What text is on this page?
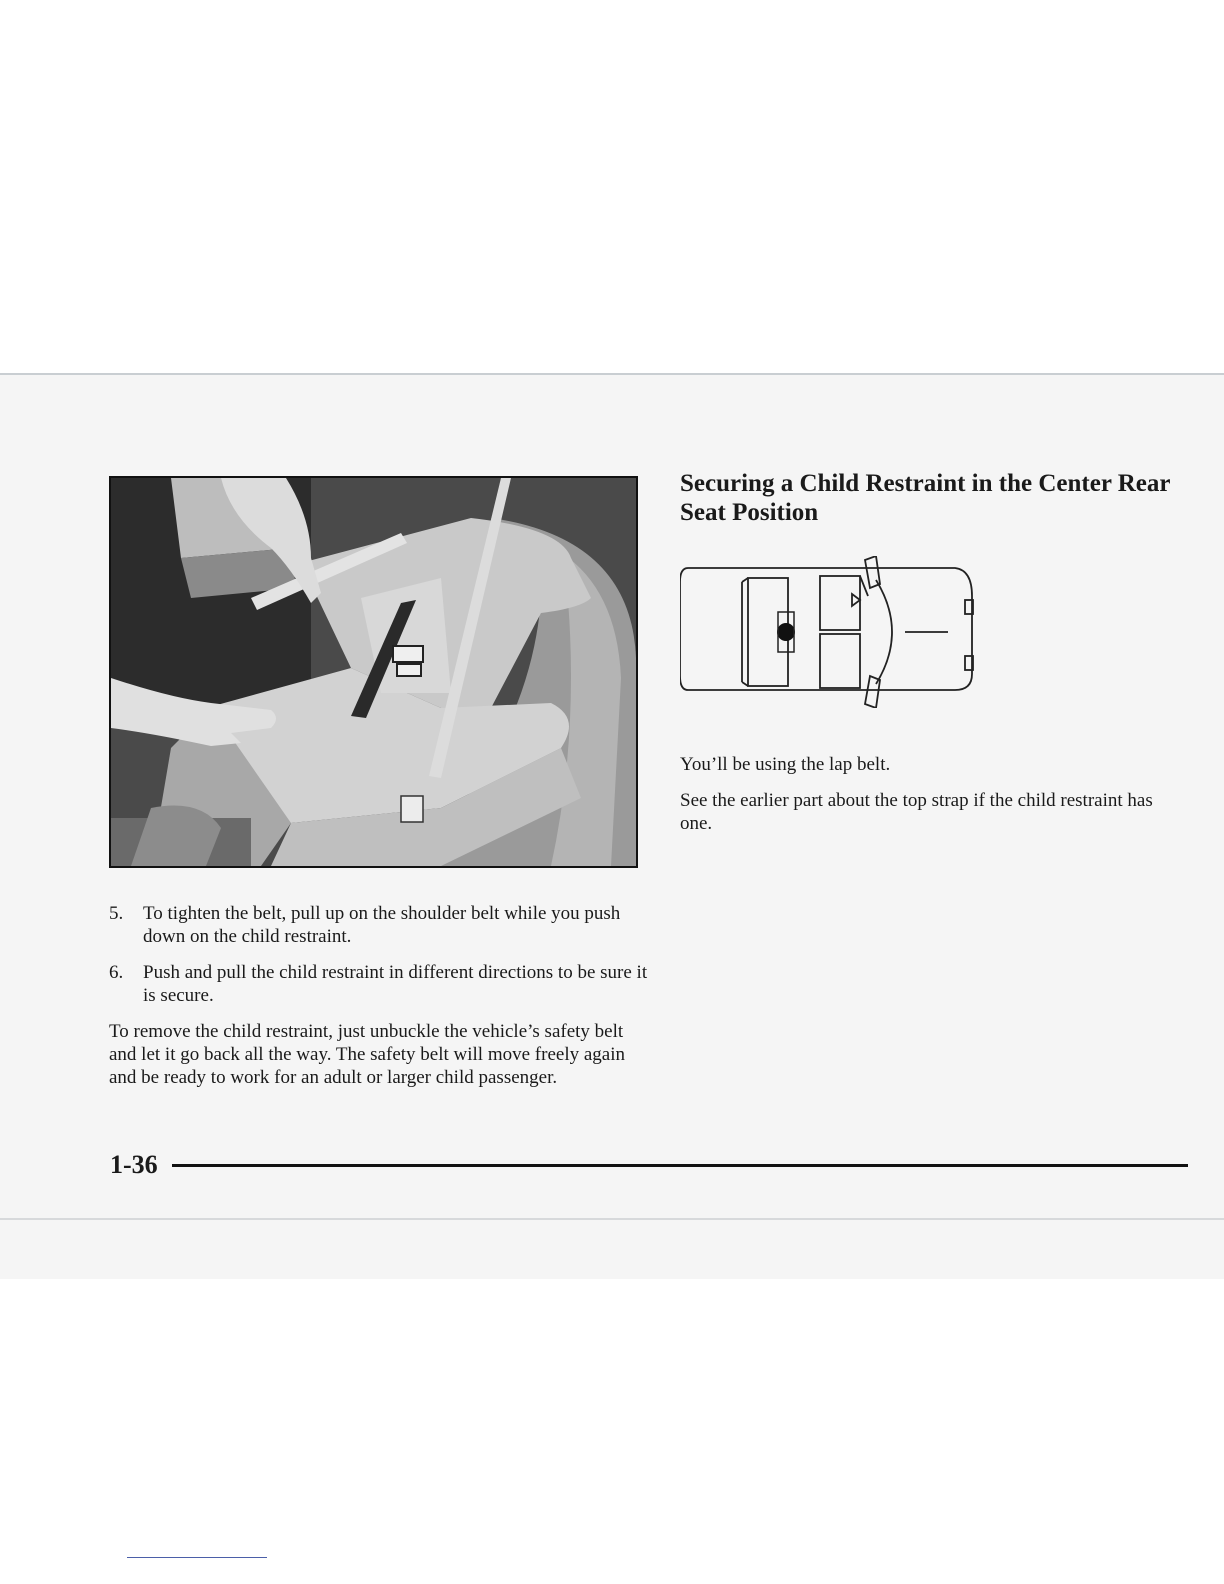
Securing a Child Restraint in the Center Rear Seat Position

You’ll be using the lap belt.

See the earlier part about the top strap if the child restraint has one.

5. To tighten the belt, pull up on the shoulder belt while you push down on the child restraint.
6. Push and pull the child restraint in different directions to be sure it is secure.

To remove the child restraint, just unbuckle the vehicle’s safety belt and let it go back all the way. The safety belt will move freely again and be ready to work for an adult or larger child passenger.

1-36
